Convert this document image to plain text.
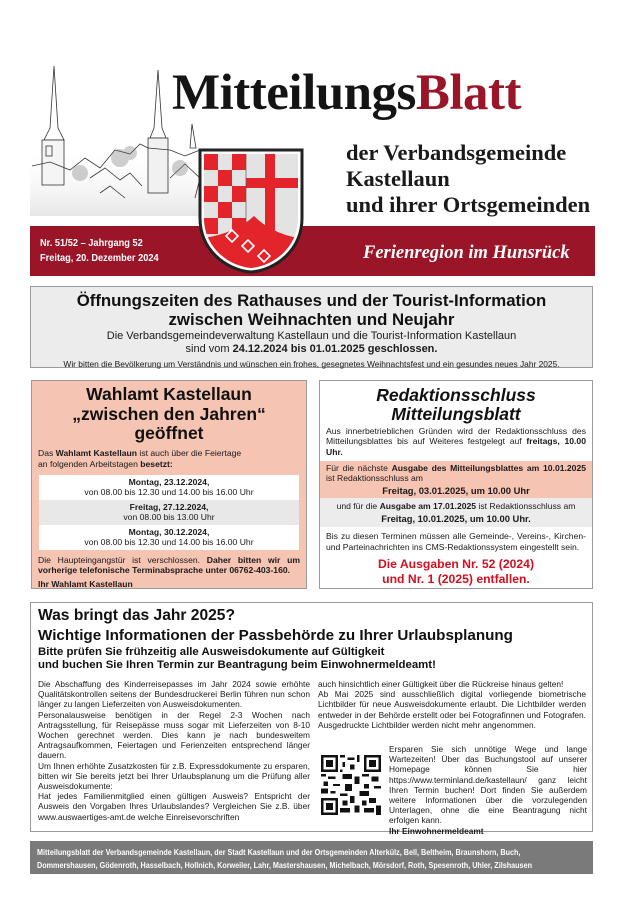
MitteilungsBlatt
der Verbandsgemeinde
Kastellaun
und ihrer Ortsgemeinden
Nr. 51/52 – Jahrgang 52
Freitag, 20. Dezember 2024	Ferienregion im Hunsrück
Öffnungszeiten des Rathauses und der Tourist-Information
zwischen Weihnachten und Neujahr

Die Verbandsgemeindeverwaltung Kastellaun und die Tourist-Information Kastellaun
sind vom 24.12.2024 bis 01.01.2025 geschlossen.

Wir bitten die Bevölkerung um Verständnis und wünschen ein frohes, gesegnetes Weihnachtsfest und ein gesundes neues Jahr 2025.

Wahlamt Kastellaun
„zwischen den Jahren“
geöffnet
Das Wahlamt Kastellaun ist auch über die Feiertage
an folgenden Arbeitstagen besetzt:
Montag, 23.12.2024,
von 08.00 bis 12.30 und 14.00 bis 16.00 Uhr
Freitag, 27.12.2024,
von 08.00 bis 13.00 Uhr
Montag, 30.12.2024,
von 08.00 bis 12.30 und 14.00 bis 16.00 Uhr
Die Haupteingangstür ist verschlossen. Daher bitten wir um vorherige telefonische Terminabsprache unter 06762-403-160.
Ihr Wahlamt Kastellaun
Redaktionsschluss
Mitteilungsblatt
Aus innerbetrieblichen Gründen wird der Redaktionsschluss des Mitteilungsblattes bis auf Weiteres festgelegt auf freitags, 10.00 Uhr.
Für die nächste Ausgabe des Mitteilungsblattes am 10.01.2025 ist Redaktionsschluss am
Freitag, 03.01.2025, um 10.00 Uhr
und für die Ausgabe am 17.01.2025 ist Redaktionsschluss am
Freitag, 10.01.2025, um 10.00 Uhr.
Bis zu diesen Terminen müssen alle Gemeinde-, Vereins-, Kirchen- und Parteinachrichten ins CMS-Redaktionssystem eingestellt sein.
Die Ausgaben Nr. 52 (2024)
und Nr. 1 (2025) entfallen.
Was bringt das Jahr 2025?
Wichtige Informationen der Passbehörde zu Ihrer Urlaubsplanung
Bitte prüfen Sie frühzeitig alle Ausweisdokumente auf Gültigkeit
und buchen Sie Ihren Termin zur Beantragung beim Einwohnermeldeamt!
Die Abschaffung des Kinderreisepasses im Jahr 2024 sowie erhöhte Qualitätskontrollen seitens der Bundesdruckerei Berlin führen nun schon länger zu langen Lieferzeiten von Ausweisdokumenten.
Personalausweise benötigen in der Regel 2-3 Wochen nach Antragsstellung, für Reisepässe muss sogar mit Lieferzeiten von 8-10 Wochen gerechnet werden. Dies kann je nach bundesweitem Antragsaufkommen, Feiertagen und Ferienzeiten entsprechend länger dauern.
Um Ihnen erhöhte Zusatzkosten für z.B. Expressdokumente zu ersparen, bitten wir Sie bereits jetzt bei Ihrer Urlaubsplanung um die Prüfung aller Ausweisdokumente:
Hat jedes Familienmitglied einen gültigen Ausweis? Entspricht der Ausweis den Vorgaben Ihres Urlaubslandes? Vergleichen Sie z.B. über www.auswaertiges-amt.de welche Einreisevorschriften
auch hinsichtlich einer Gültigkeit über die Rückreise hinaus gelten!
Ab Mai 2025 sind ausschließlich digital vorliegende biometrische Lichtbilder für neue Ausweisdokumente erlaubt. Die Lichtbilder werden entweder in der Behörde erstellt oder bei Fotografinnen und Fotografen. Ausgedruckte Lichtbilder werden nicht mehr angenommen.
Ersparen Sie sich unnötige Wege und lange Wartezeiten! Über das Buchungstool auf unserer Homepage können Sie hier https://www.terminland.de/kastellaun/ ganz leicht Ihren Termin buchen! Dort finden Sie außerdem weitere Informationen über die vorzulegenden Unterlagen, ohne die eine Beantragung nicht erfolgen kann.
Ihr Einwohnermeldeamt
Mitteilungsblatt der Verbandsgemeinde Kastellaun, der Stadt Kastellaun und der Ortsgemeinden Alterkülz, Bell, Beltheim, Braunshorn, Buch,
Dommershausen, Gödenroth, Hasselbach, Hollnich, Korweiler, Lahr, Mastershausen, Michelbach, Mörsdorf, Roth, Spesenroth, Uhler, Zilshausen
